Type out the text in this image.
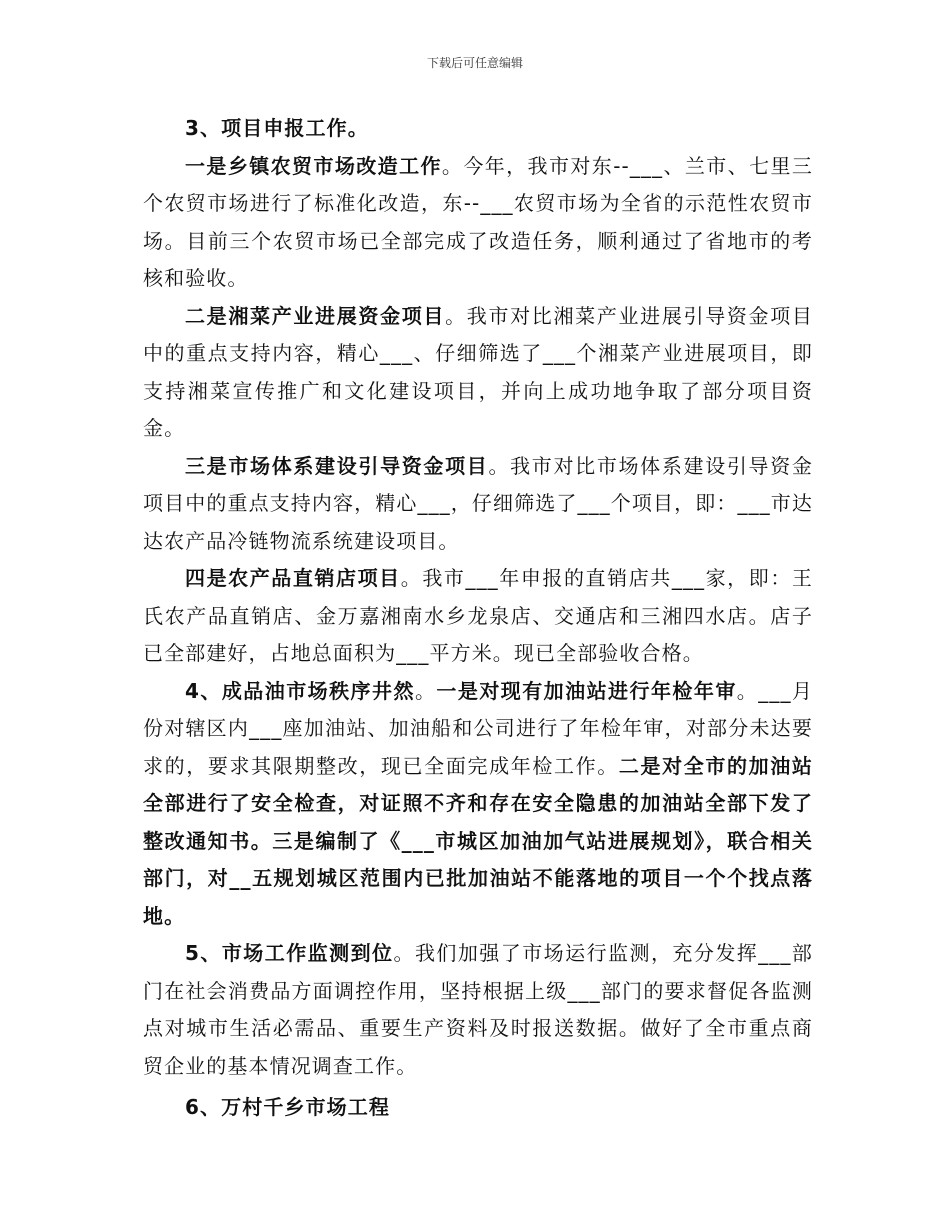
下载后可任意编辑

3、项目申报工作。

一是乡镇农贸市场改造工作。今年，我市对东--___、兰市、七里三个农贸市场进行了标准化改造，东--___农贸市场为全省的示范性农贸市场。目前三个农贸市场已全部完成了改造任务，顺利通过了省地市的考核和验收。

二是湘菜产业进展资金项目。我市对比湘菜产业进展引导资金项目中的重点支持内容，精心___、仔细筛选了___个湘菜产业进展项目，即支持湘菜宣传推广和文化建设项目，并向上成功地争取了部分项目资金。

三是市场体系建设引导资金项目。我市对比市场体系建设引导资金项目中的重点支持内容，精心___，仔细筛选了___个项目，即：___市达达农产品冷链物流系统建设项目。

四是农产品直销店项目。我市___年申报的直销店共___家，即：王氏农产品直销店、金万嘉湘南水乡龙泉店、交通店和三湘四水店。店子已全部建好，占地总面积为___平方米。现已全部验收合格。

4、成品油市场秩序井然。一是对现有加油站进行年检年审。___月份对辖区内___座加油站、加油船和公司进行了年检年审，对部分未达要求的，要求其限期整改，现已全面完成年检工作。二是对全市的加油站全部进行了安全检查，对证照不齐和存在安全隐患的加油站全部下发了整改通知书。三是编制了《___市城区加油加气站进展规划》，联合相关部门，对__五规划城区范围内已批加油站不能落地的项目一个个找点落地。

5、市场工作监测到位。我们加强了市场运行监测，充分发挥___部门在社会消费品方面调控作用，坚持根据上级___部门的要求督促各监测点对城市生活必需品、重要生产资料及时报送数据。做好了全市重点商贸企业的基本情况调查工作。

6、万村千乡市场工程
